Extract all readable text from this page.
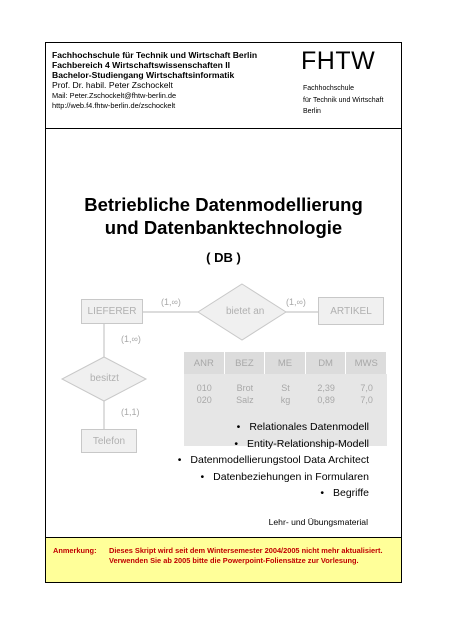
Fachhochschule für Technik und Wirtschaft Berlin
Fachbereich 4 Wirtschaftswissenschaften II
Bachelor-Studiengang Wirtschaftsinformatik
Prof. Dr. habil. Peter Zschockelt
Mail: Peter.Zschockelt@fhtw-berlin.de
http://web.f4.fhtw-berlin.de/zschockelt
FHTW
Fachhochschule
für Technik und Wirtschaft
Berlin
Betriebliche Datenmodellierung
und Datenbanktechnologie
( DB )
LIEFERER	ARTIKEL
Telefon
bietet an
besitzt
(1,∞)	(1,∞)
(1,∞)
(1,1)
ANR	BEZ	ME	DM	MWS
010	Brot	St	2,39	7,0
020	Salz	kg	0,89	7,0
• Relationales Datenmodell
• Entity-Relationship-Modell
• Datenmodellierungstool Data Architect
• Datenbeziehungen in Formularen
• Begriffe
Lehr- und Übungsmaterial
Anmerkung: Dieses Skript wird seit dem Wintersemester 2004/2005 nicht mehr aktualisiert. Verwenden Sie ab 2005 bitte die Powerpoint-Foliensätze zur Vorlesung.
